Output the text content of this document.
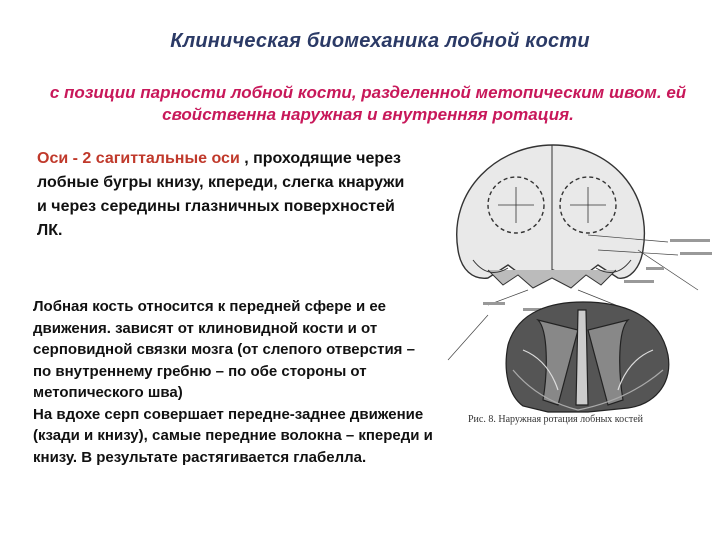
Клиническая биомеханика лобной кости
с позиции парности лобной кости, разделенной метопическим швом. ей свойственна наружная и внутренняя ротация.
Оси - 2 сагиттальные оси , проходящие через лобные бугры книзу, кпереди, слегка кнаружи и через середины глазничных поверхностей ЛК.
Лобная кость относится к передней сфере и ее движения. зависят от клиновидной кости и от серповидной связки мозга (от слепого отверстия – по внутреннему гребню – по обе стороны от метопического шва)
На вдохе серп совершает передне-заднее движение (кзади и книзу), самые передние волокна – кпереди и книзу. В результате растягивается глабелла.
Рис. 8. Наружная ротация лобных костей
